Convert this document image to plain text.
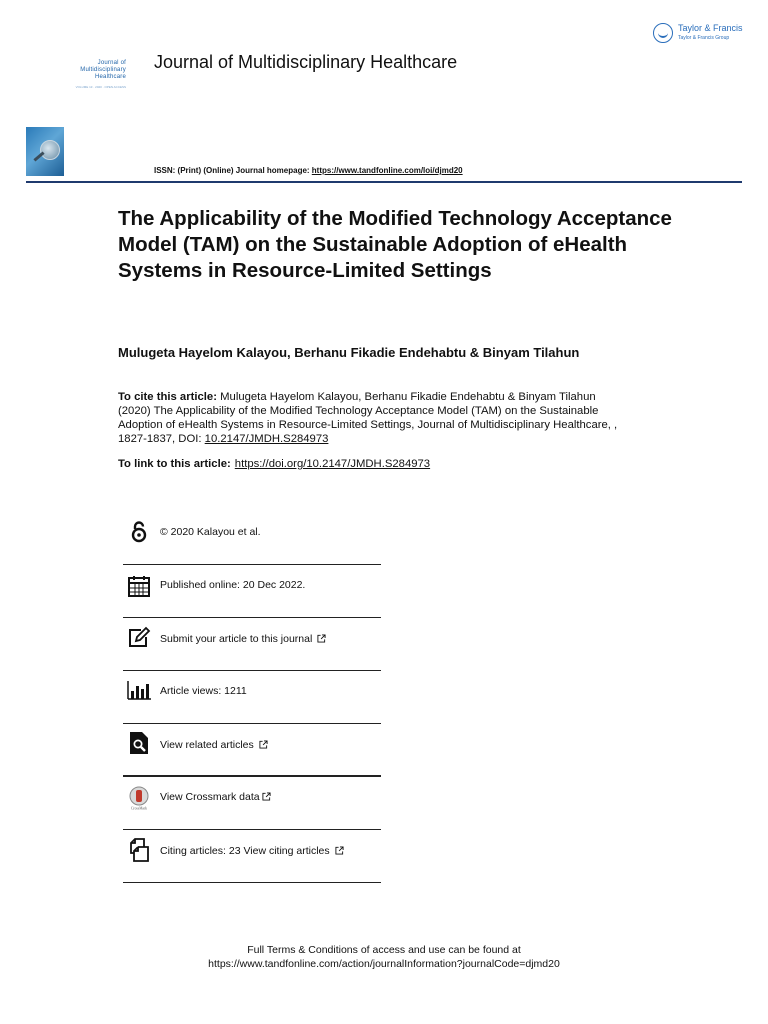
Taylor & Francis
Taylor & Francis Group
Journal of
Multidisciplinary
Healthcare
VOLUME 13 · 2020 · OPEN ACCESS
Journal of Multidisciplinary Healthcare
ISSN: (Print) (Online) Journal homepage: https://www.tandfonline.com/loi/djmd20
The Applicability of the Modified Technology Acceptance Model (TAM) on the Sustainable Adoption of eHealth Systems in Resource-Limited Settings
Mulugeta Hayelom Kalayou, Berhanu Fikadie Endehabtu & Binyam Tilahun
To cite this article: Mulugeta Hayelom Kalayou, Berhanu Fikadie Endehabtu & Binyam Tilahun (2020) The Applicability of the Modified Technology Acceptance Model (TAM) on the Sustainable Adoption of eHealth Systems in Resource-Limited Settings, Journal of Multidisciplinary Healthcare, , 1827-1837, DOI: 10.2147/JMDH.S284973
To link to this article: https://doi.org/10.2147/JMDH.S284973
© 2020 Kalayou et al.
Published online: 20 Dec 2022.
Submit your article to this journal
Article views: 1211
View related articles
CrossMark
View Crossmark data
Citing articles: 23 View citing articles
Full Terms & Conditions of access and use can be found at
https://www.tandfonline.com/action/journalInformation?journalCode=djmd20
